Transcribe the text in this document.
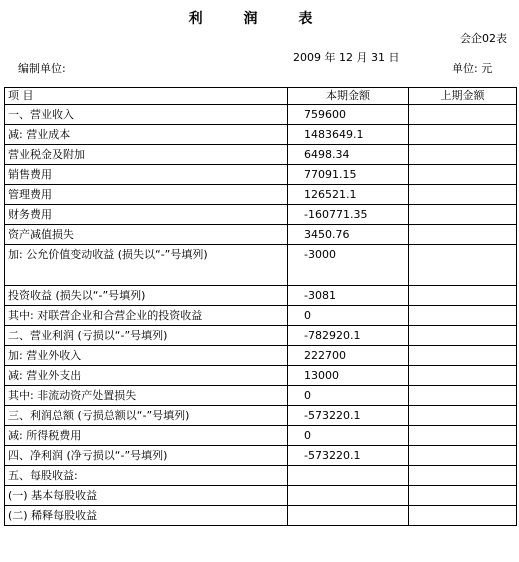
利 润 表
会企02表
编制单位:
2009 年 12 月 31 日
单位: 元
项 目	本期金额	上期金额
一、营业收入	759600	
减: 营业成本	1483649.1	
营业税金及附加	6498.34	
销售费用	77091.15	
管理费用	126521.1	
财务费用	-160771.35	
资产减值损失	3450.76	
加: 公允价值变动收益 (损失以“-”号填列)	-3000	
投资收益 (损失以“-”号填列)	-3081	
其中: 对联营企业和合营企业的投资收益	0	
二、营业利润 (亏损以“-”号填列)	-782920.1	
加: 营业外收入	222700	
减: 营业外支出	13000	
其中: 非流动资产处置损失	0	
三、利润总额 (亏损总额以“-”号填列)	-573220.1	
减: 所得税费用	0	
四、净利润 (净亏损以“-”号填列)	-573220.1	
五、每股收益:		
(一) 基本每股收益		
(二) 稀释每股收益		
